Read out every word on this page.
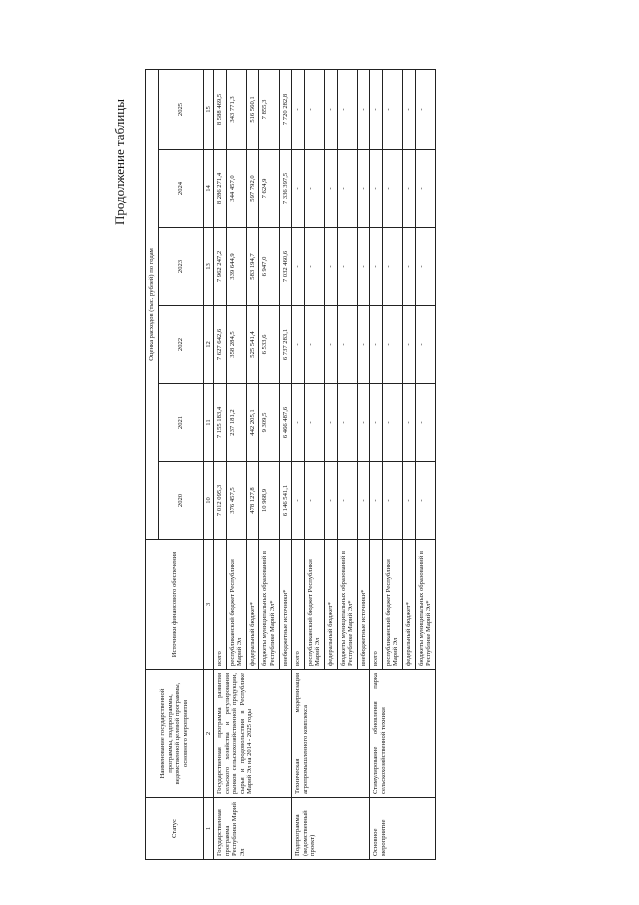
Статус	Наименование государственной программы, подпрограммы, ведомственной целевой программы, основного мероприятия	Источники финансового обеспечения	Оценка расходов (тыс. рублей) по годам					
			2020	2021	2022	2023	2024	2025
1	2	3	10	11	12	13	14	15
Государственная программа Республики Марий Эл	Государственная программа развития сельского хозяйства и регулирования рынков сельскохозяйственной продукции, сырья и продовольствия в Республике Марий Эл на 2014 - 2025 годы	всего	7 012 095,3	7 155 183,4	7 627 642,6	7 962 247,2	8 286 271,4	8 588 469,5
		республиканский бюджет Республики Марий Эл	376 457,5	237 181,2	358 284,5	339 644,9	344 457,0	343 771,3
		федеральный бюджет*	478 127,8	442 205,1	525 541,4	583 194,7	597 792,0	516 560,1
		бюджеты муниципальных образований в Республике Марий Эл*	10 968,9	9 309,5	6 533,6	6 947,0	7 624,9	7 855,3
		внебюджетные источники*	6 146 541,1	6 466 487,6	6 737 283,1	7 032 460,6	7 336 397,5	7 720 282,8
Подпрограмма (ведомственный проект)	Техническая модернизация агропромышленного комплекса	всего	-	-	-	-	-	-
		республиканский бюджет Республики Марий Эл	-	-	-	-	-	-
		федеральный бюджет*	-	-	-	-	-	-
		бюджеты муниципальных образований в Республике Марий Эл*	-	-	-	-	-	-
		внебюджетные источники*	-	-	-	-	-	-
Основное мероприятие	Стимулирование обновления парка сельскохозяйственной техники	всего	-	-	-	-	-	-
		республиканский бюджет Республики Марий Эл	-	-	-	-	-	-
		федеральный бюджет*	-	-	-	-	-	-
		бюджеты муниципальных образований в Республике Марий Эл*	-	-	-	-	-	-
Продолжение таблицы
